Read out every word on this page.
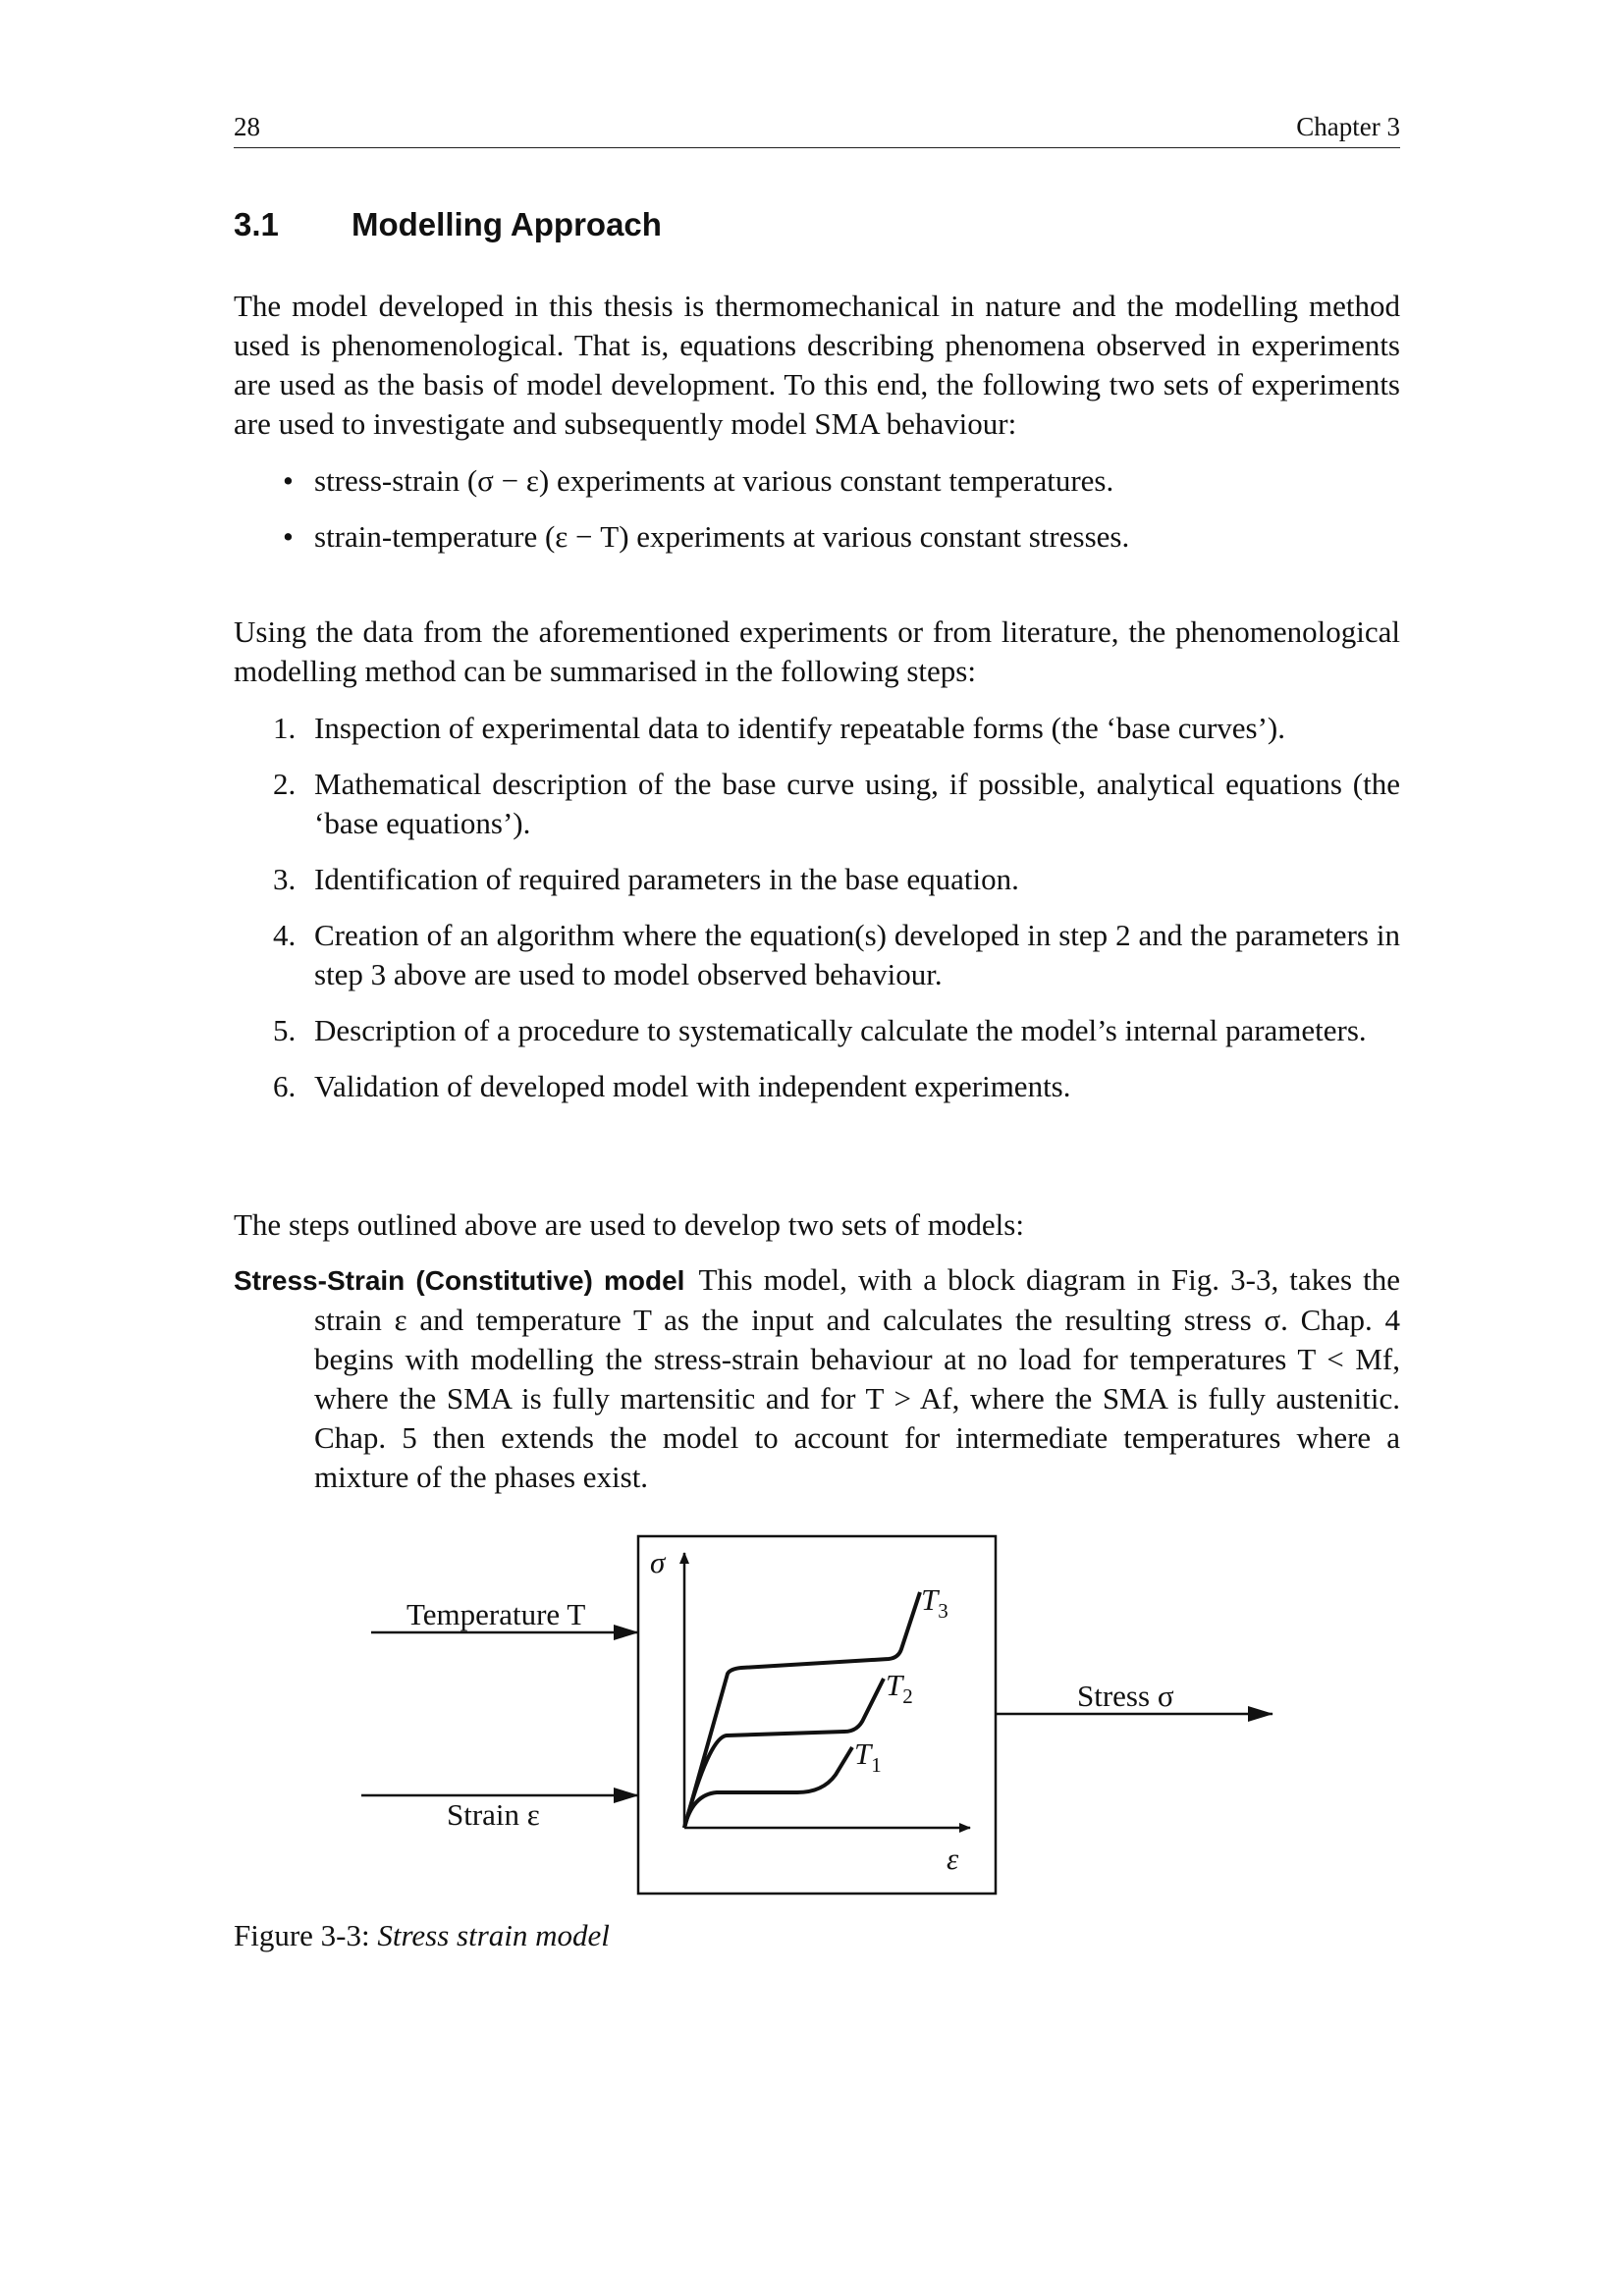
28	Chapter 3
3.1 Modelling Approach
The model developed in this thesis is thermomechanical in nature and the modelling method used is phenomenological. That is, equations describing phenomena observed in experiments are used as the basis of model development. To this end, the following two sets of experiments are used to investigate and subsequently model SMA behaviour:
• stress-strain (σ − ε) experiments at various constant temperatures.
• strain-temperature (ε − T) experiments at various constant stresses.
Using the data from the aforementioned experiments or from literature, the phenomenological modelling method can be summarised in the following steps:
1. Inspection of experimental data to identify repeatable forms (the ‘base curves’).
2. Mathematical description of the base curve using, if possible, analytical equations (the ‘base equations’).
3. Identification of required parameters in the base equation.
4. Creation of an algorithm where the equation(s) developed in step 2 and the parameters in step 3 above are used to model observed behaviour.
5. Description of a procedure to systematically calculate the model’s internal parameters.
6. Validation of developed model with independent experiments.
The steps outlined above are used to develop two sets of models:

Stress-Strain (Constitutive) model This model, with a block diagram in Fig. 3-3, takes the strain ε and temperature T as the input and calculates the resulting stress σ. Chap. 4 begins with modelling the stress-strain behaviour at no load for temperatures T < Mf, where the SMA is fully martensitic and for T > Af, where the SMA is fully austenitic. Chap. 5 then extends the model to account for intermediate temperatures where a mixture of the phases exist.

Temperature T
Strain ε
Stress σ
σ
ε
$T_3$
$T_2$
$T_1$
Figure 3-3: Stress strain model
